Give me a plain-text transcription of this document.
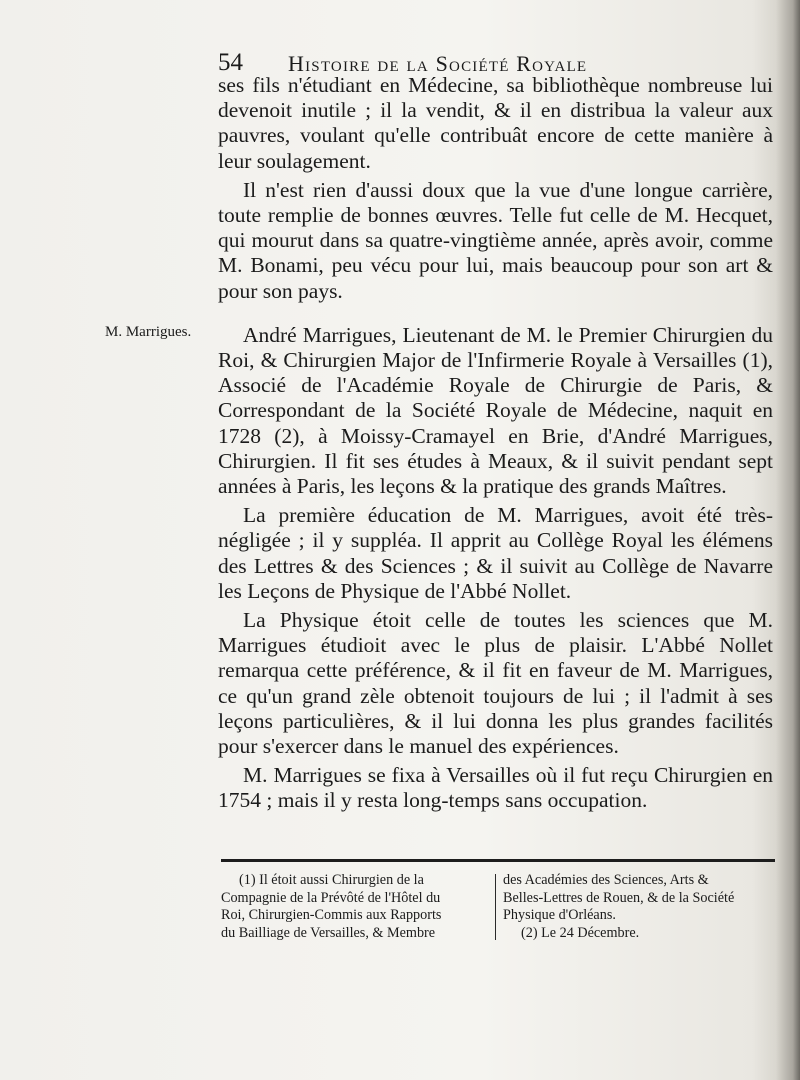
54 Histoire de la Société Royale
M. Marrigues.

ses fils n'étudiant en Médecine, sa bibliothèque nombreuse lui devenoit inutile ; il la vendit, & il en distribua la valeur aux pauvres, voulant qu'elle contribuât encore de cette manière à leur soulagement.

Il n'est rien d'aussi doux que la vue d'une longue carrière, toute remplie de bonnes œuvres. Telle fut celle de M. Hecquet, qui mourut dans sa quatre-vingtième année, après avoir, comme M. Bonami, peu vécu pour lui, mais beaucoup pour son art & pour son pays.

André Marrigues, Lieutenant de M. le Premier Chirurgien du Roi, & Chirurgien Major de l'Infirmerie Royale à Versailles (1), Associé de l'Académie Royale de Chirurgie de Paris, & Correspondant de la Société Royale de Médecine, naquit en 1728 (2), à Moissy-Cramayel en Brie, d'André Marrigues, Chirurgien. Il fit ses études à Meaux, & il suivit pendant sept années à Paris, les leçons & la pratique des grands Maîtres.

La première éducation de M. Marrigues, avoit été très-négligée ; il y suppléa. Il apprit au Collège Royal les élémens des Lettres & des Sciences ; & il suivit au Collège de Navarre les Leçons de Physique de l'Abbé Nollet.

La Physique étoit celle de toutes les sciences que M. Marrigues étudioit avec le plus de plaisir. L'Abbé Nollet remarqua cette préférence, & il fit en faveur de M. Marrigues, ce qu'un grand zèle obtenoit toujours de lui ; il l'admit à ses leçons particulières, & il lui donna les plus grandes facilités pour s'exercer dans le manuel des expériences.

M. Marrigues se fixa à Versailles où il fut reçu Chirurgien en 1754 ; mais il y resta long-temps sans occupation.

(1) Il étoit aussi Chirurgien de la

Compagnie de la Prévôté de l'Hôtel du

Roi, Chirurgien-Commis aux Rapports

du Bailliage de Versailles, & Membre

des Académies des Sciences, Arts &

Belles-Lettres de Rouen, & de la Société

Physique d'Orléans.

(2) Le 24 Décembre.
